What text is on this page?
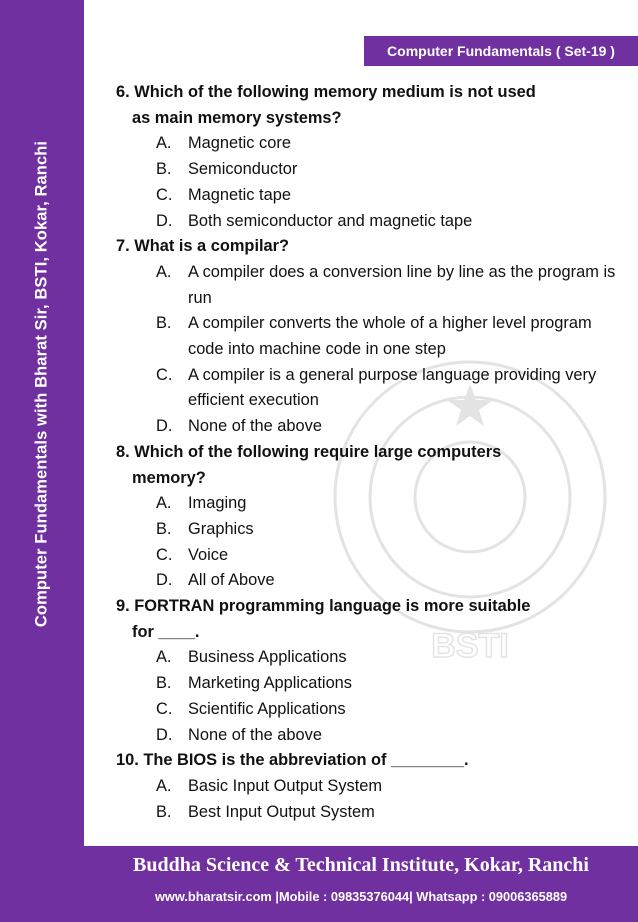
Computer Fundamentals with Bharat Sir, BSTI, Kokar, Ranchi
Computer Fundamentals ( Set-19 )
BSTI
6. Which of the following memory medium is not used
as main memory systems?
A. Magnetic core
B. Semiconductor
C. Magnetic tape
D. Both semiconductor and magnetic tape
7. What is a compilar?
A. A compiler does a conversion line by line as the program is run
B. A compiler converts the whole of a higher level program code into machine code in one step
C. A compiler is a general purpose language providing very efficient execution
D. None of the above
8. Which of the following require large computers
memory?
A. Imaging
B. Graphics
C. Voice
D. All of Above
9. FORTRAN programming language is more suitable
for ____.
A. Business Applications
B. Marketing Applications
C. Scientific Applications
D. None of the above
10. The BIOS is the abbreviation of ________.
A. Basic Input Output System
B. Best Input Output System
Buddha Science & Technical Institute, Kokar, Ranchi
www.bharatsir.com |Mobile : 09835376044| Whatsapp : 09006365889
